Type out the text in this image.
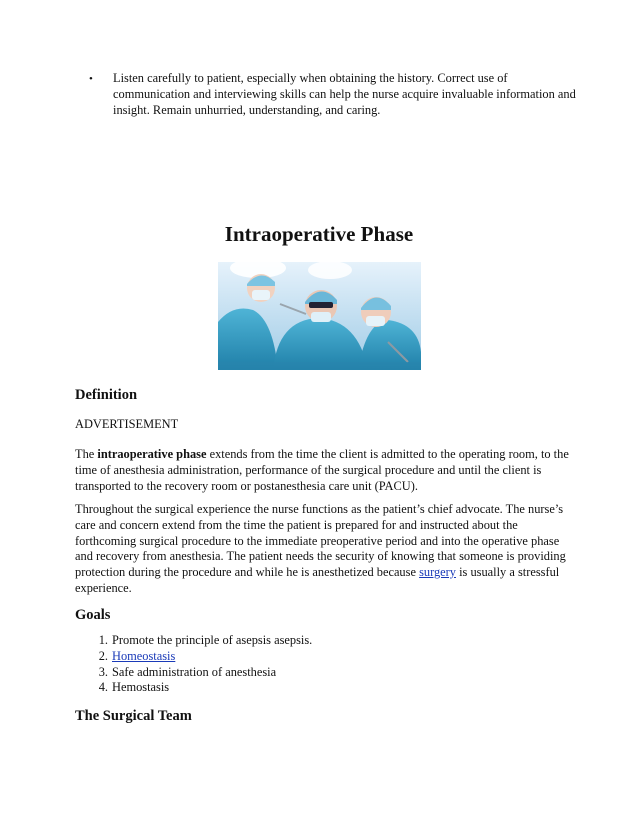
• Listen carefully to patient, especially when obtaining the history. Correct use of communication and interviewing skills can help the nurse acquire invaluable information and insight. Remain unhurried, understanding, and caring.
Intraoperative Phase
Definition
ADVERTISEMENT
The intraoperative phase extends from the time the client is admitted to the operating room, to the time of anesthesia administration, performance of the surgical procedure and until the client is transported to the recovery room or postanesthesia care unit (PACU).
Throughout the surgical experience the nurse functions as the patient’s chief advocate. The nurse’s care and concern extend from the time the patient is prepared for and instructed about the forthcoming surgical procedure to the immediate preoperative period and into the operative phase and recovery from anesthesia. The patient needs the security of knowing that someone is providing protection during the procedure and while he is anesthetized because surgery is usually a stressful experience.
Goals
1. Promote the principle of asepsis asepsis.
2. Homeostasis
3. Safe administration of anesthesia
4. Hemostasis
The Surgical Team
